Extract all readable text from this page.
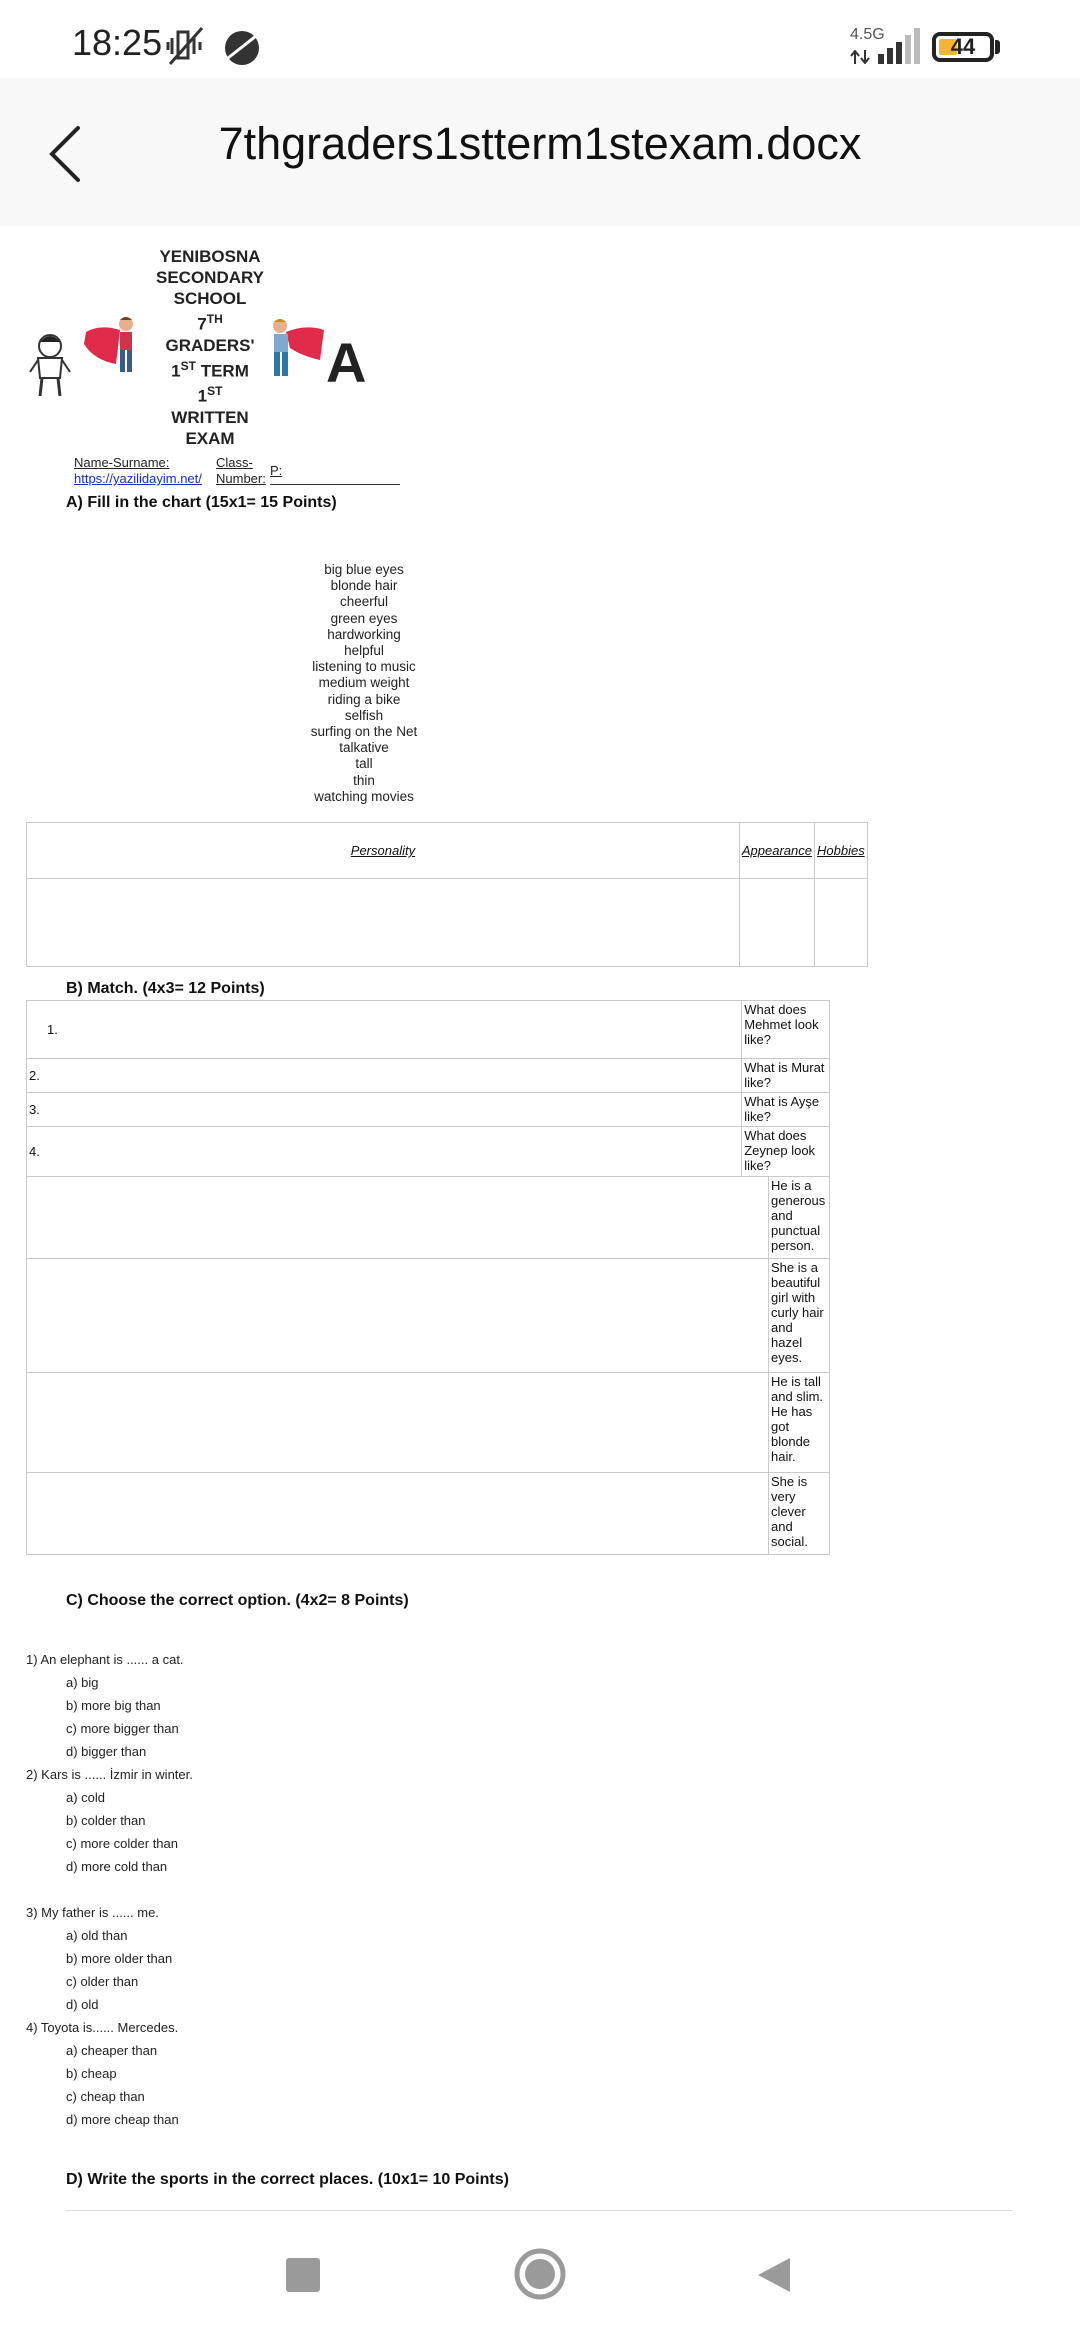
18:25	4.5G	44
7thgraders1stterm1stexam.docx
YENIBOSNA
SECONDARY
SCHOOL
7TH
GRADERS'
1ST TERM
1ST
WRITTEN
EXAM
A
Name-Surname:	Class-
https://yazilidayim.net/ Number:
P:
A) Fill in the chart (15x1= 15 Points)
big blue eyes
blonde hair
cheerful
green eyes
hardworking
helpful
listening to music
medium weight
riding a bike
selfish
surfing on the Net
talkative
tall
thin
watching movies
Personality	Appearance	Hobbies

B) Match. (4x3= 12 Points)
1.	What does Mehmet look like?
2.	What is Murat like?
3.	What is Ayşe like?
4.	What does Zeynep look like?
	He is a generous and punctual person.
	She is a beautiful girl with curly hair and hazel eyes.
	He is tall and slim. He has got blonde hair.
	She is very clever and social.
C) Choose the correct option. (4x2= 8 Points)
1) An elephant is ...... a cat.
a) big
b) more big than
c) more bigger than
d) bigger than
2) Kars is ...... İzmir in winter.
a) cold
b) colder than
c) more colder than
d) more cold than
3) My father is ...... me.
a) old than
b) more older than
c) older than
d) old
4) Toyota is...... Mercedes.
a) cheaper than
b) cheap
c) cheap than
d) more cheap than
D) Write the sports in the correct places. (10x1= 10 Points)
